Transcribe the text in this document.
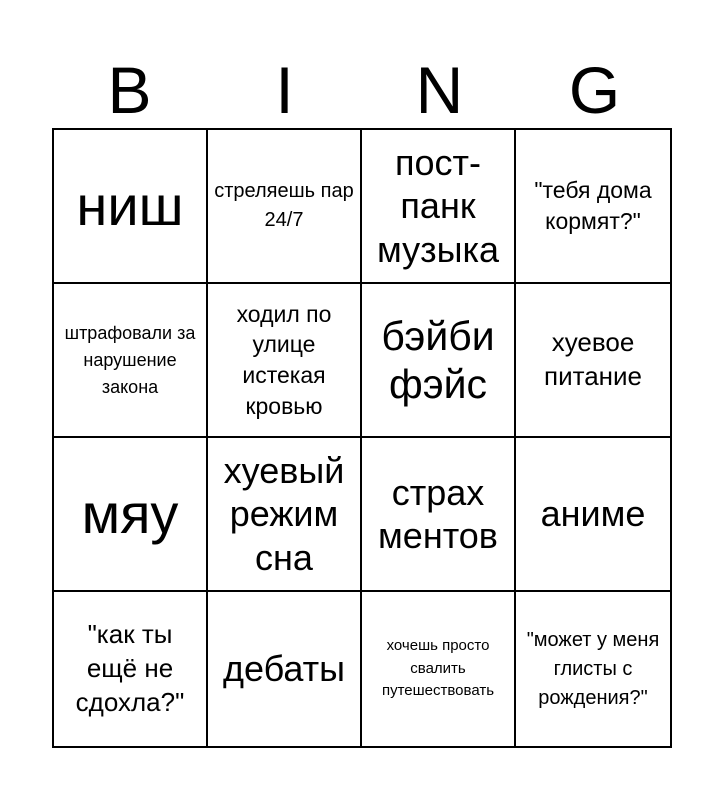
B	I	N	G
ниш	стреляешь пар 24/7
пост-панк музыка
"тебя дома кормят?"
штрафовали за нарушение закона
ходил по улице истекая кровью
бэйби фэйс
хуевое питание
мяу
хуевый режим сна
страх ментов
аниме
"как ты ещё не сдохла?"
дебаты
хочешь просто свалить путешествовать
"может у меня глисты с рождения?"
